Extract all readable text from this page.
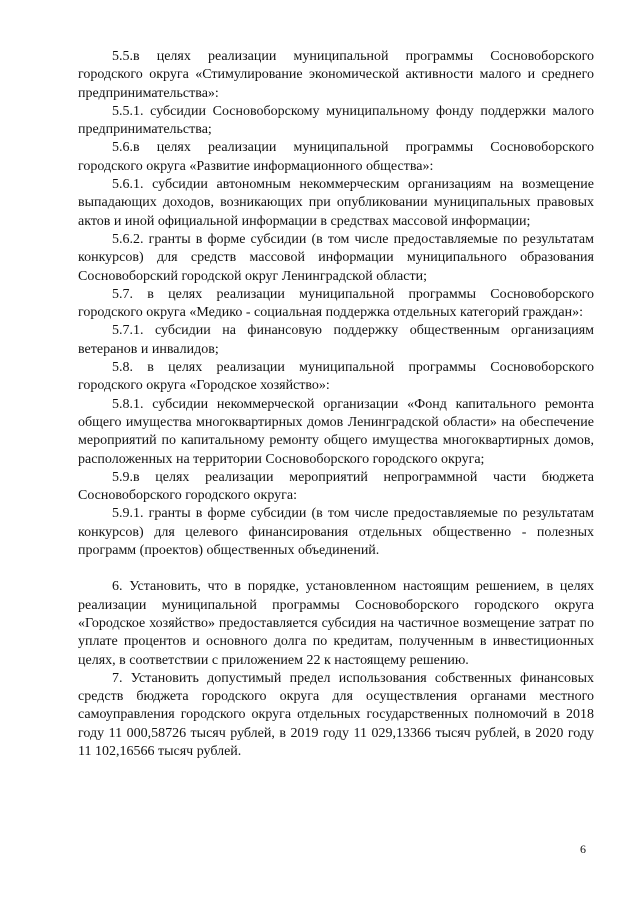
5.5.в целях реализации муниципальной программы Сосновоборского городского округа «Стимулирование экономической активности малого и среднего предпринимательства»:

5.5.1. субсидии Сосновоборскому муниципальному фонду поддержки малого предпринимательства;

5.6.в целях реализации муниципальной программы Сосновоборского городского округа «Развитие информационного общества»:

5.6.1. субсидии автономным некоммерческим организациям на возмещение выпадающих доходов, возникающих при опубликовании муниципальных правовых актов и иной официальной информации в средствах массовой информации;

5.6.2. гранты в форме субсидии (в том числе предоставляемые по результатам конкурсов) для средств массовой информации муниципального образования Сосновоборский городской округ Ленинградской области;

5.7. в целях реализации муниципальной программы Сосновоборского городского округа «Медико - социальная поддержка отдельных категорий граждан»:

5.7.1. субсидии на финансовую поддержку общественным организациям ветеранов и инвалидов;

5.8. в целях реализации муниципальной программы Сосновоборского городского округа «Городское хозяйство»:

5.8.1. субсидии некоммерческой организации «Фонд капитального ремонта общего имущества многоквартирных домов Ленинградской области» на обеспечение мероприятий по капитальному ремонту общего имущества многоквартирных домов, расположенных на территории Сосновоборского городского округа;

5.9.в целях реализации мероприятий непрограммной части бюджета Сосновоборского городского округа:

5.9.1. гранты в форме субсидии (в том числе предоставляемые по результатам конкурсов) для целевого финансирования отдельных общественно - полезных программ (проектов) общественных объединений.

6. Установить, что в порядке, установленном настоящим решением, в целях реализации муниципальной программы Сосновоборского городского округа «Городское хозяйство» предоставляется субсидия на частичное возмещение затрат по уплате процентов и основного долга по кредитам, полученным в инвестиционных целях, в соответствии с приложением 22 к настоящему решению.

7. Установить допустимый предел использования собственных финансовых средств бюджета городского округа для осуществления органами местного самоуправления городского округа отдельных государственных полномочий в 2018 году 11 000,58726 тысяч рублей, в 2019 году 11 029,13366 тысяч рублей, в 2020 году 11 102,16566 тысяч рублей.

6
